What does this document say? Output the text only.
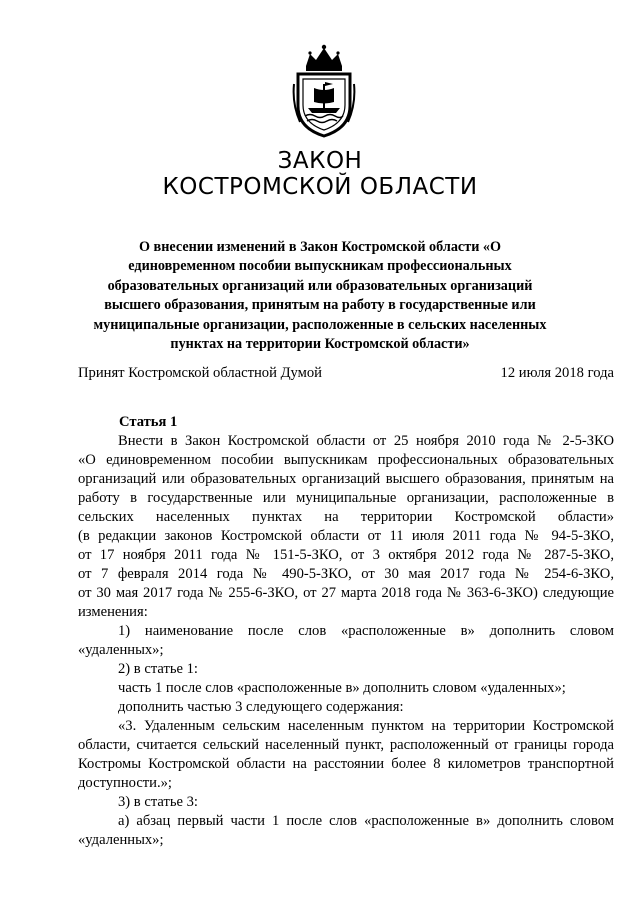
ЗАКОН
КОСТРОМСКОЙ ОБЛАСТИ
О внесении изменений в Закон Костромской области «О единовременном пособии выпускникам профессиональных образовательных организаций или образовательных организаций высшего образования, принятым на работу в государственные или муниципальные организации, расположенные в сельских населенных пунктах на территории Костромской области»
Принят Костромской областной Думой	12 июля 2018 года
Статья 1
Внести в Закон Костромской области от 25 ноября 2010 года № 2-5-ЗКО
«О единовременном пособии выпускникам профессиональных образовательных
организаций или образовательных организаций высшего образования, принятым на
работу в государственные или муниципальные организации, расположенные в
сельских населенных пунктах на территории Костромской области»
(в редакции законов Костромской области от 11 июля 2011 года № 94-5-ЗКО,
от 17 ноября 2011 года № 151-5-ЗКО, от 3 октября 2012 года № 287-5-ЗКО,
от 7 февраля 2014 года № 490-5-ЗКО, от 30 мая 2017 года № 254-6-ЗКО,
от 30 мая 2017 года № 255-6-ЗКО, от 27 марта 2018 года № 363-6-ЗКО) следующие
изменения:
1) наименование после слов «расположенные в» дополнить словом
«удаленных»;
2) в статье 1:
часть 1 после слов «расположенные в» дополнить словом «удаленных»;
дополнить частью 3 следующего содержания:
«3. Удаленным сельским населенным пунктом на территории Костромской
области, считается сельский населенный пункт, расположенный от границы города
Костромы Костромской области на расстоянии более 8 километров транспортной
доступности.»;
3) в статье 3:
а) абзац первый части 1 после слов «расположенные в» дополнить словом
«удаленных»;
